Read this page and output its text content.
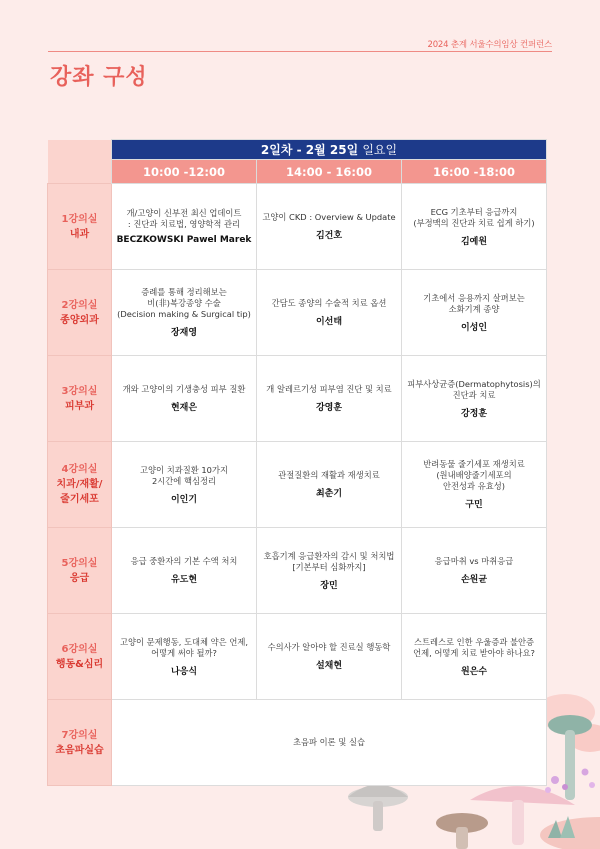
2024 춘계 서울수의임상 컨퍼런스
강좌 구성
	2일차 - 2월 25일 일요일		
	10:00 -12:00	14:00 - 16:00	16:00 -18:00

1강의실
내과	개/고양이 신부전 최신 업데이트
: 진단과 치료법, 영양학적 관리
BECZKOWSKI Pawel Marek	고양이 CKD : Overview & Update
김건호	ECG 기초부터 응급까지
(부정맥의 진단과 치료 쉽게 하기)
김예원

2강의실
종양외과	증례를 통해 정리해보는
비(非)복강종양 수술
(Decision making & Surgical tip)
장재영	간담도 종양의 수술적 치료 옵션
이선태	기초에서 응용까지 살펴보는
소화기계 종양
이성인

3강의실
피부과	개와 고양이의 기생충성 피부 질환
현재은	개 알레르기성 피부염 진단 및 치료
강영훈	피부사상균증(Dermatophytosis)의
진단과 치료
강정훈

4강의실
치과/재활/
줄기세포	고양이 치과질환 10가지
2시간에 핵심정리
이인기	관절질환의 재활과 재생치료
최춘기	반려동물 줄기세포 재생치료
(원내배양줄기세포의
안전성과 유효성)
구민

5강의실
응급	응급 중환자의 기본 수액 처치
유도현	호흡기계 응급환자의 감시 및 처치법
[기본부터 심화까지]
장민	응급마취 vs 마취응급
손원균

6강의실
행동&심리	고양이 문제행동, 도대체 약은 언제,
어떻게 써야 될까?
나응식	수의사가 알아야 할 진료실 행동학
설채현	스트레스로 인한 우울증과 불안증
언제, 어떻게 치료 받아야 하나요?
원은수

7강의실
초음파실습	초음파 이론 및 실습		
